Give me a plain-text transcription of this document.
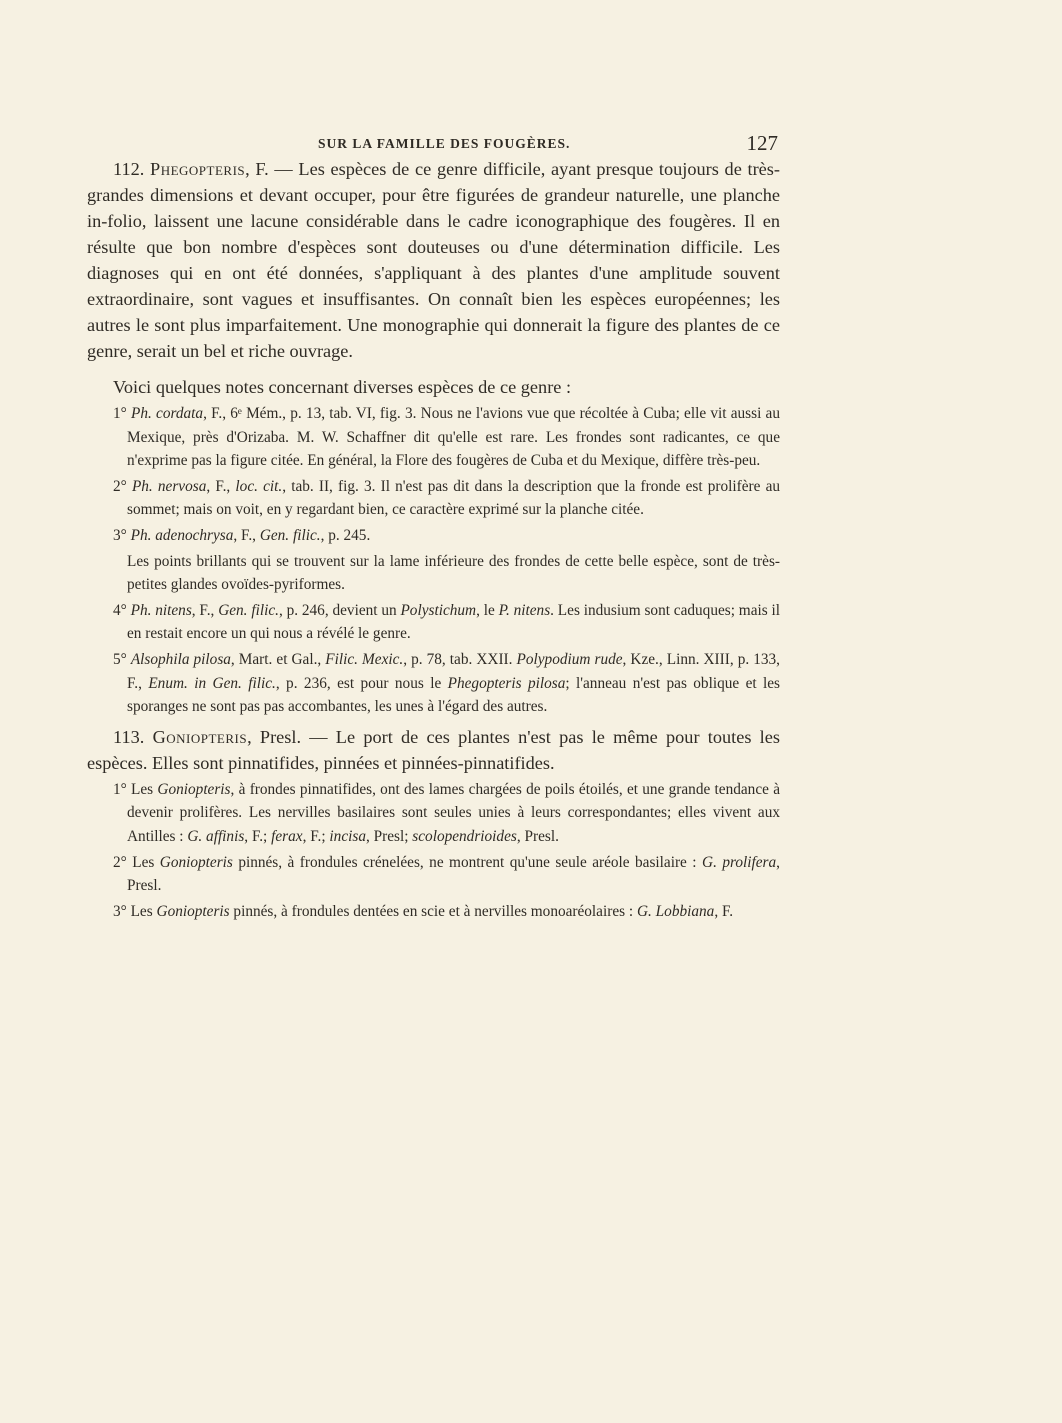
SUR LA FAMILLE DES FOUGÈRES.	127

112. Phegopteris, F. — Les espèces de ce genre difficile, ayant presque toujours de très-grandes dimensions et devant occuper, pour être figurées de grandeur naturelle, une planche in-folio, laissent une lacune considérable dans le cadre iconographique des fougères. Il en résulte que bon nombre d'espèces sont douteuses ou d'une détermination difficile. Les diagnoses qui en ont été données, s'appliquant à des plantes d'une amplitude souvent extraordinaire, sont vagues et insuffisantes. On connaît bien les espèces européennes; les autres le sont plus imparfaitement. Une monographie qui donnerait la figure des plantes de ce genre, serait un bel et riche ouvrage.

Voici quelques notes concernant diverses espèces de ce genre :

1° Ph. cordata, F., 6ᵉ Mém., p. 13, tab. VI, fig. 3. Nous ne l'avions vue que récoltée à Cuba; elle vit aussi au Mexique, près d'Orizaba. M. W. Schaffner dit qu'elle est rare. Les frondes sont radicantes, ce que n'exprime pas la figure citée. En général, la Flore des fougères de Cuba et du Mexique, diffère très-peu.

2° Ph. nervosa, F., loc. cit., tab. II, fig. 3. Il n'est pas dit dans la description que la fronde est prolifère au sommet; mais on voit, en y regardant bien, ce caractère exprimé sur la planche citée.

3° Ph. adenochrysa, F., Gen. filic., p. 245.

Les points brillants qui se trouvent sur la lame inférieure des frondes de cette belle espèce, sont de très-petites glandes ovoïdes-pyriformes.

4° Ph. nitens, F., Gen. filic., p. 246, devient un Polystichum, le P. nitens. Les indusium sont caduques; mais il en restait encore un qui nous a révélé le genre.

5° Alsophila pilosa, Mart. et Gal., Filic. Mexic., p. 78, tab. XXII. Polypodium rude, Kze., Linn. XIII, p. 133, F., Enum. in Gen. filic., p. 236, est pour nous le Phegopteris pilosa; l'anneau n'est pas oblique et les sporanges ne sont pas pas accombantes, les unes à l'égard des autres.

113. Goniopteris, Presl. — Le port de ces plantes n'est pas le même pour toutes les espèces. Elles sont pinnatifides, pinnées et pinnées-pinnatifides.

1° Les Goniopteris, à frondes pinnatifides, ont des lames chargées de poils étoilés, et une grande tendance à devenir prolifères. Les nervilles basilaires sont seules unies à leurs correspondantes; elles vivent aux Antilles : G. affinis, F.; ferax, F.; incisa, Presl; scolopendrioides, Presl.

2° Les Goniopteris pinnés, à frondules crénelées, ne montrent qu'une seule aréole basilaire : G. prolifera, Presl.

3° Les Goniopteris pinnés, à frondules dentées en scie et à nervilles monoaréolaires : G. Lobbiana, F.
